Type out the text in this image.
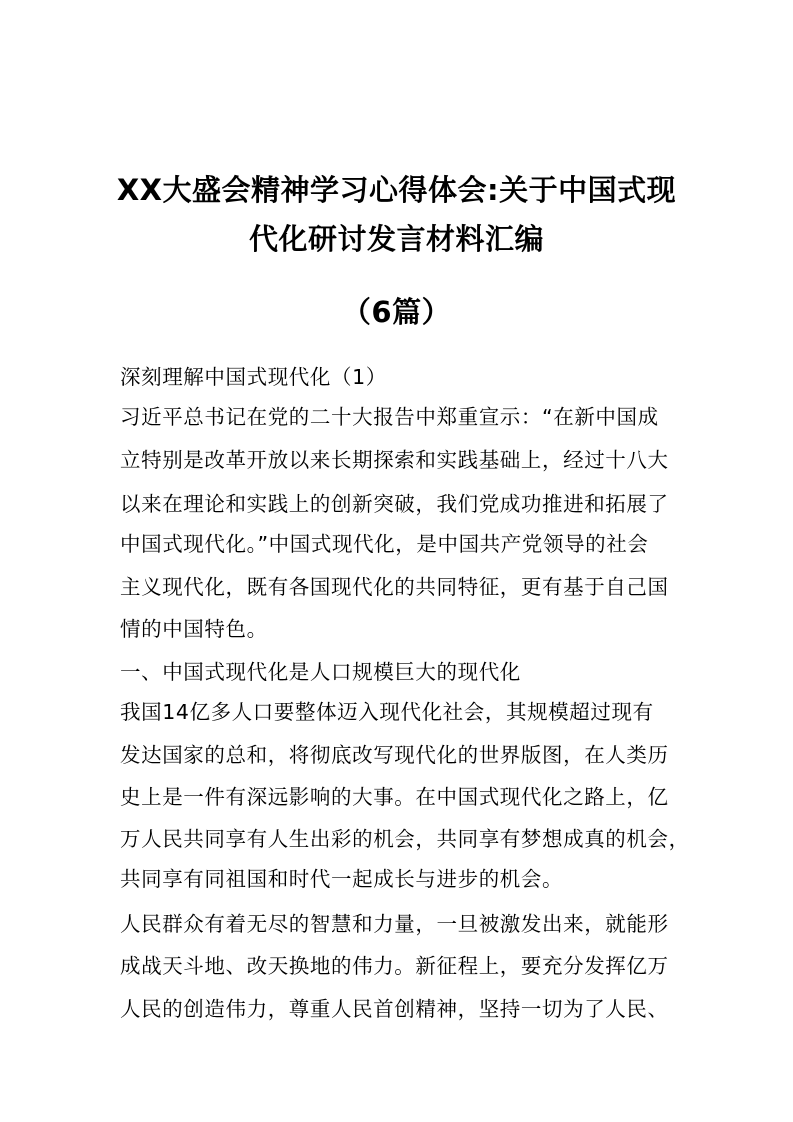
XX大盛会精神学习心得体会:关于中国式现
代化研讨发言材料汇编
（6篇）
深刻理解中国式现代化（1）
习近平总书记在党的二十大报告中郑重宣示：“在新中国成
立特别是改革开放以来长期探索和实践基础上，经过十八大
以来在理论和实践上的创新突破，我们党成功推进和拓展了
中国式现代化。”中国式现代化，是中国共产党领导的社会
主义现代化，既有各国现代化的共同特征，更有基于自己国
情的中国特色。
一、中国式现代化是人口规模巨大的现代化
我国14亿多人口要整体迈入现代化社会，其规模超过现有
发达国家的总和，将彻底改写现代化的世界版图，在人类历
史上是一件有深远影响的大事。在中国式现代化之路上，亿
万人民共同享有人生出彩的机会，共同享有梦想成真的机会，
共同享有同祖国和时代一起成长与进步的机会。
人民群众有着无尽的智慧和力量，一旦被激发出来，就能形
成战天斗地、改天换地的伟力。新征程上，要充分发挥亿万
人民的创造伟力，尊重人民首创精神，坚持一切为了人民、
